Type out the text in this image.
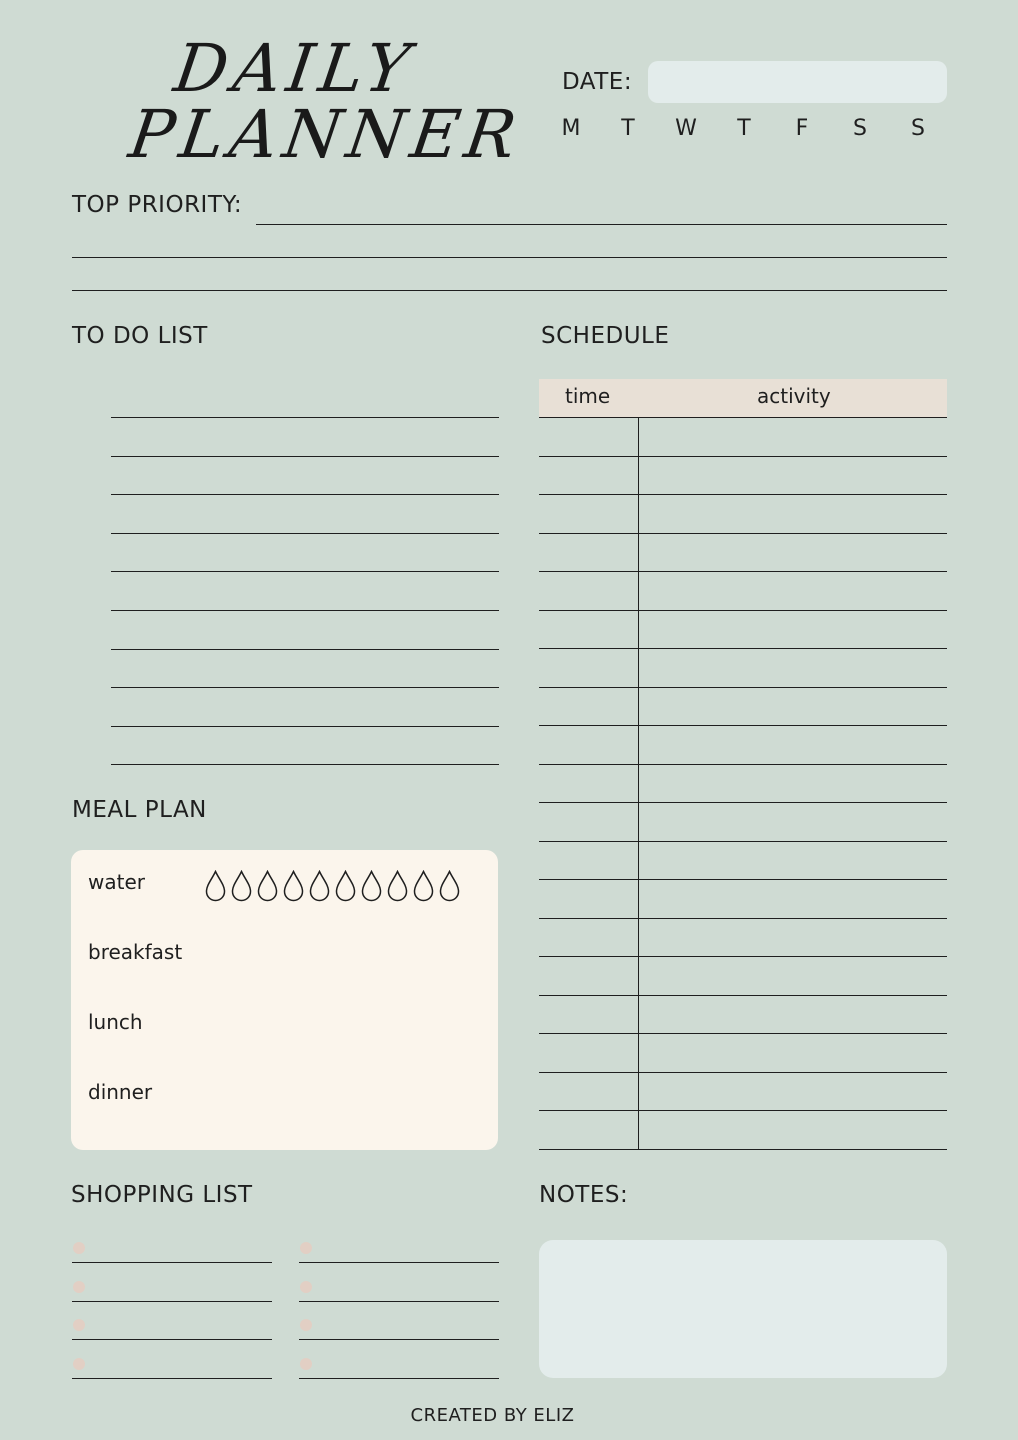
DAILY
PLANNER
DATE:
M	T	W	T	F	S	S
TOP PRIORITY:
TO DO LIST	SCHEDULE
time	activity
MEAL PLAN
water
breakfast
lunch
dinner
SHOPPING LIST	NOTES:
CREATED BY ELIZ
